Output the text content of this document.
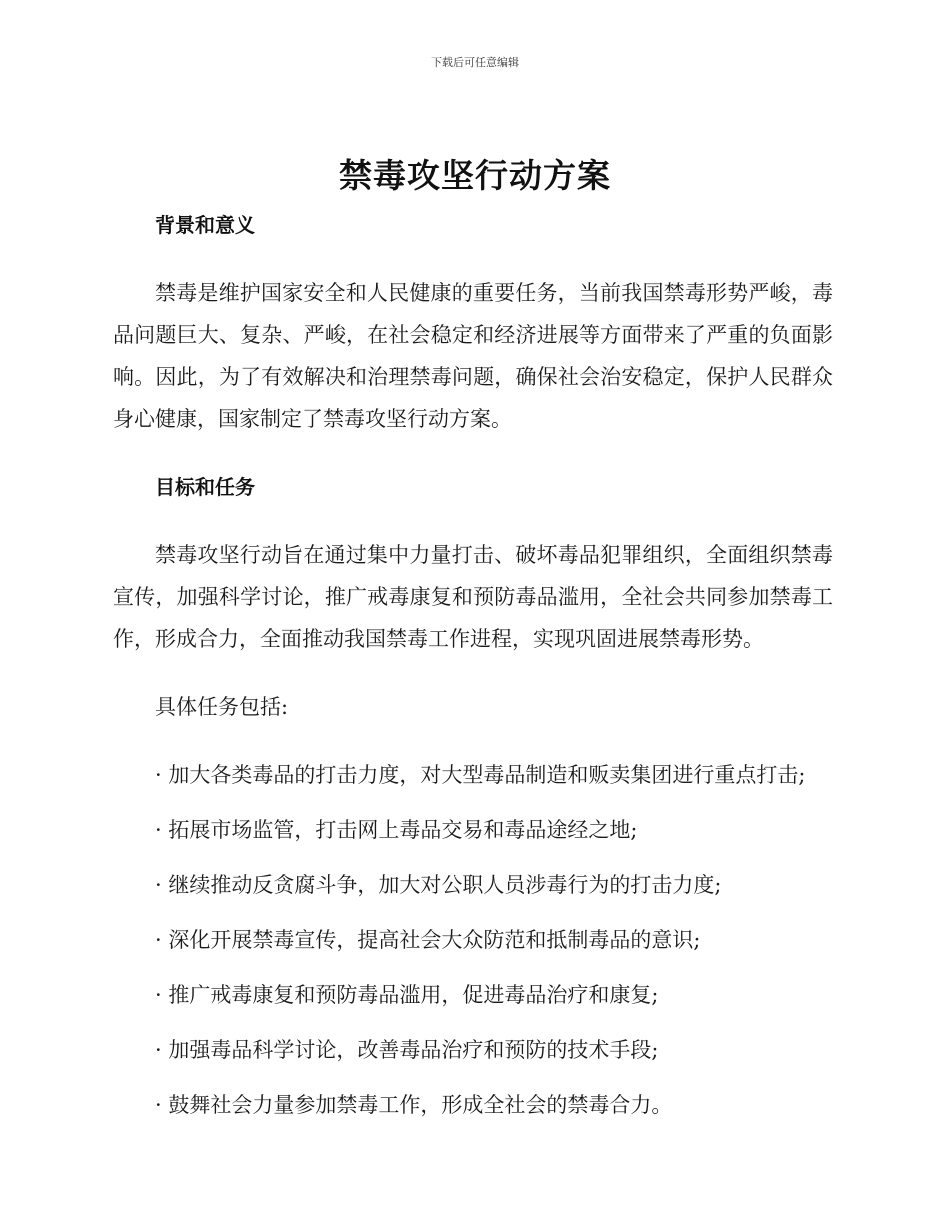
下载后可任意编辑
禁毒攻坚行动方案
背景和意义

禁毒是维护国家安全和人民健康的重要任务，当前我国禁毒形势严峻，毒品问题巨大、复杂、严峻，在社会稳定和经济进展等方面带来了严重的负面影响。因此，为了有效解决和治理禁毒问题，确保社会治安稳定，保护人民群众身心健康，国家制定了禁毒攻坚行动方案。

目标和任务

禁毒攻坚行动旨在通过集中力量打击、破坏毒品犯罪组织，全面组织禁毒宣传，加强科学讨论，推广戒毒康复和预防毒品滥用，全社会共同参加禁毒工作，形成合力，全面推动我国禁毒工作进程，实现巩固进展禁毒形势。

具体任务包括:

· 加大各类毒品的打击力度，对大型毒品制造和贩卖集团进行重点打击;
· 拓展市场监管，打击网上毒品交易和毒品途经之地;
· 继续推动反贪腐斗争，加大对公职人员涉毒行为的打击力度;
· 深化开展禁毒宣传，提高社会大众防范和抵制毒品的意识;
· 推广戒毒康复和预防毒品滥用，促进毒品治疗和康复;
· 加强毒品科学讨论，改善毒品治疗和预防的技术手段;
· 鼓舞社会力量参加禁毒工作，形成全社会的禁毒合力。
